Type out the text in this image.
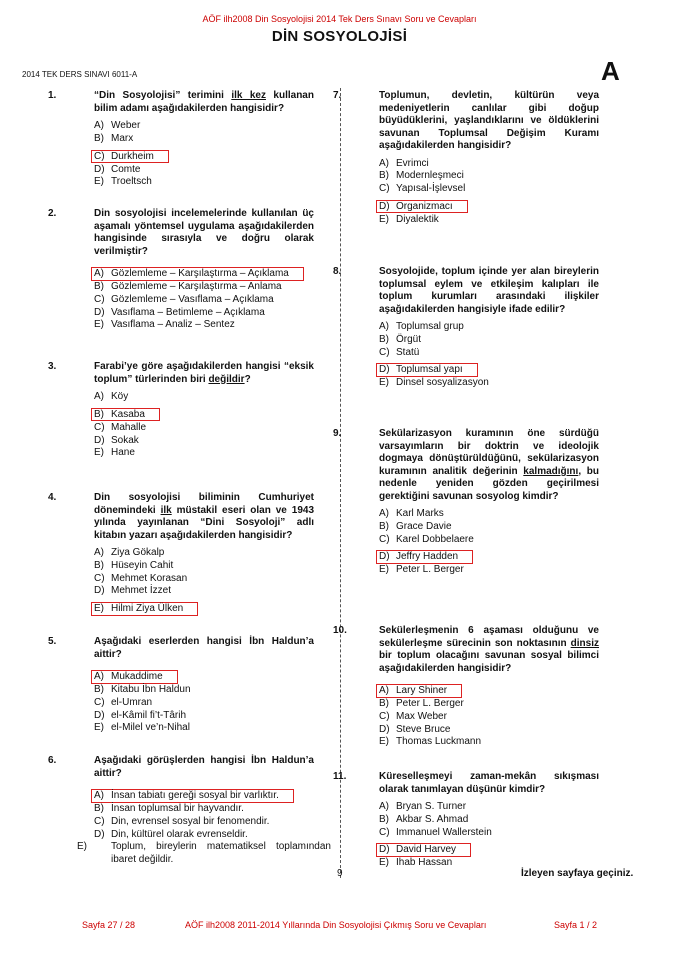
AÖF ilh2008 Din Sosyolojisi 2014 Tek Ders Sınavı Soru ve Cevapları
DİN SOSYOLOJİSİ
2014 TEK DERS SINAVI 6011-A	A
1.	“Din Sosyolojisi” terimini ilk kez kullanan bilim adamı aşağıdakilerden hangisidir?
A) Weber
B) Marx
C) Durkheim
D) Comte
E) Troeltsch
2.	Din sosyolojisi incelemelerinde kullanılan üç aşamalı yöntemsel uygulama aşağıdakilerden hangisinde sırasıyla ve doğru olarak verilmiştir?
A) Gözlemleme – Karşılaştırma – Açıklama
B) Gözlemleme – Karşılaştırma – Anlama
C) Gözlemleme – Vasıflama – Açıklama
D) Vasıflama – Betimleme – Açıklama
E) Vasıflama – Analiz – Sentez
3.	Farabi’ye göre aşağıdakilerden hangisi “eksik toplum” türlerinden biri değildir?
A) Köy
B) Kasaba
C) Mahalle
D) Sokak
E) Hane
4.	Din sosyolojisi biliminin Cumhuriyet dönemindeki ilk müstakil eseri olan ve 1943 yılında yayınlanan “Dini Sosyoloji” adlı kitabın yazarı aşağıdakilerden hangisidir?
A) Ziya Gökalp
B) Hüseyin Cahit
C) Mehmet Korasan
D) Mehmet İzzet
E) Hilmi Ziya Ülken
5.	Aşağıdaki eserlerden hangisi İbn Haldun’a aittir?
A) Mukaddime
B) Kitabu İbn Haldun
C) el-Umran
D) el-Kâmil fi’t-Târih
E) el-Milel ve’n-Nihal
6.	Aşağıdaki görüşlerden hangisi İbn Haldun’a aittir?
A) İnsan tabiatı gereği sosyal bir varlıktır.
B) İnsan toplumsal bir hayvandır.
C) Din, evrensel sosyal bir fenomendir.
D) Din, kültürel olarak evrenseldir.
E) Toplum, bireylerin matematiksel toplamından ibaret değildir.
7.	Toplumun, devletin, kültürün veya medeniyetlerin canlılar gibi doğup büyüdüklerini, yaşlandıklarını ve öldüklerini savunan Toplumsal Değişim Kuramı aşağıdakilerden hangisidir?
A) Evrimci
B) Modernleşmeci
C) Yapısal-İşlevsel
D) Organizmacı
E) Diyalektik
8.	Sosyolojide, toplum içinde yer alan bireylerin toplumsal eylem ve etkileşim kalıpları ile toplum kurumları arasındaki ilişkiler aşağıdakilerden hangisiyle ifade edilir?
A) Toplumsal grup
B) Örgüt
C) Statü
D) Toplumsal yapı
E) Dinsel sosyalizasyon
9.	Sekülarizasyon kuramının öne sürdüğü varsayımların bir doktrin ve ideolojik dogmaya dönüştürüldüğünü, sekülarizasyon kuramının analitik değerinin kalmadığını, bu nedenle yeniden gözden geçirilmesi gerektiğini savunan sosyolog kimdir?
A) Karl Marks
B) Grace Davie
C) Karel Dobbelaere
D) Jeffry Hadden
E) Peter L. Berger
10.	Sekülerleşmenin 6 aşaması olduğunu ve sekülerleşme sürecinin son noktasının dinsiz bir toplum olacağını savunan sosyal bilimci aşağıdakilerden hangisidir?
A) Lary Shiner
B) Peter L. Berger
C) Max Weber
D) Steve Bruce
E) Thomas Luckmann
11.	Küreselleşmeyi zaman-mekân sıkışması olarak tanımlayan düşünür kimdir?
A) Bryan S. Turner
B) Akbar S. Ahmad
C) Immanuel Wallerstein
D) David Harvey
E) Ihab Hassan
9	İzleyen sayfaya geçiniz.
Sayfa 27 / 28	AÖF ilh2008 2011-2014 Yıllarında Din Sosyolojisi Çıkmış Soru ve Cevapları	Sayfa 1 / 2
